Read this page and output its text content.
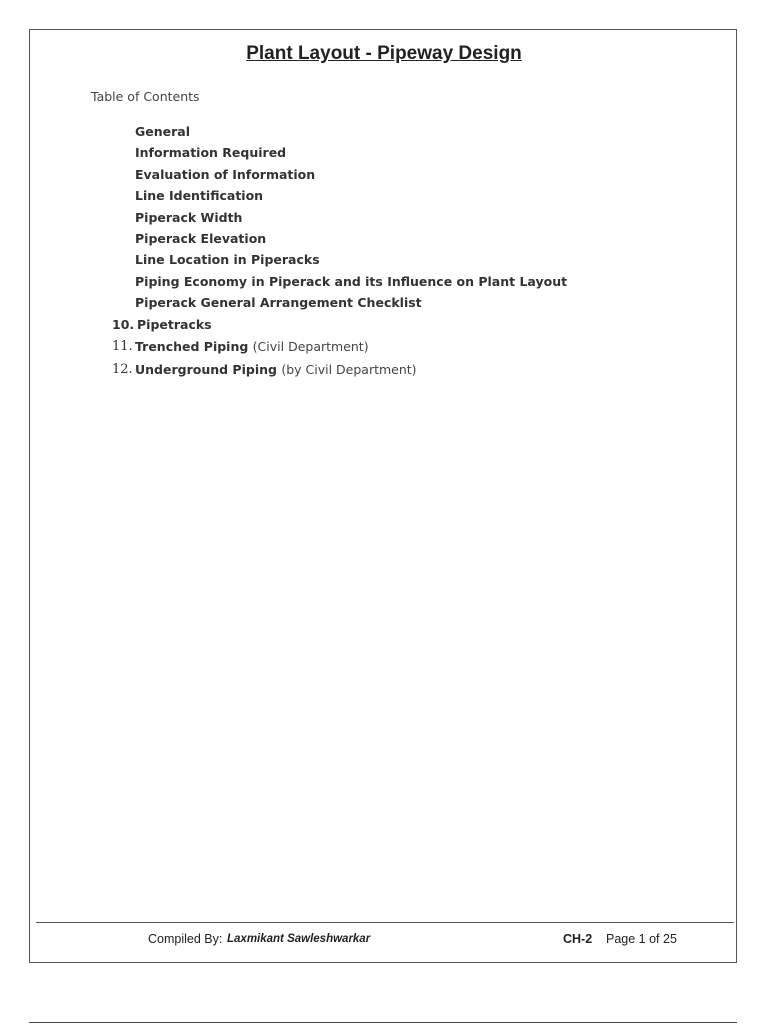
Plant Layout - Pipeway Design
Table of Contents
General
Information Required
Evaluation of Information
Line Identification
Piperack Width
Piperack Elevation
Line Location in Piperacks
Piping Economy in Piperack and its Influence on Plant Layout
Piperack General Arrangement Checklist
10. Pipetracks
11. Trenched Piping (Civil Department)
12. Underground Piping (by Civil Department)
Compiled By: Laxmikant Sawleshwarkar	CH-2 Page 1 of 25
